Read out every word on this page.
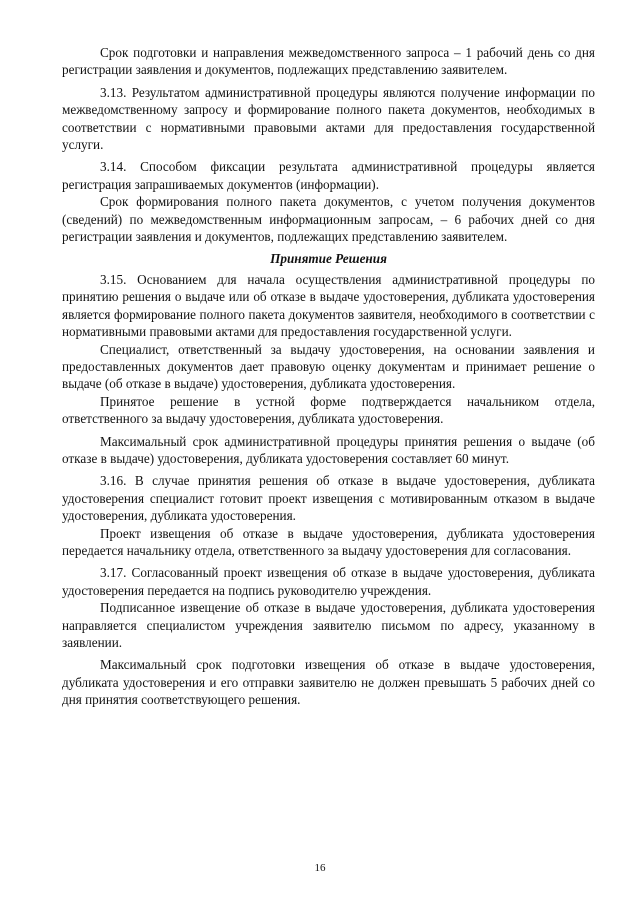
Срок подготовки и направления межведомственного запроса – 1 рабочий день со дня регистрации заявления и документов, подлежащих представлению заявителем.

3.13. Результатом административной процедуры являются получение информации по межведомственному запросу и формирование полного пакета документов, необходимых в соответствии с нормативными правовыми актами для предоставления государственной услуги.

3.14. Способом фиксации результата административной процедуры является регистрация запрашиваемых документов (информации).

Срок формирования полного пакета документов, с учетом получения документов (сведений) по межведомственным информационным запросам, – 6 рабочих дней со дня регистрации заявления и документов, подлежащих представлению заявителем.

Принятие Решения

3.15. Основанием для начала осуществления административной процедуры по принятию решения о выдаче или об отказе в выдаче удостоверения, дубликата удостоверения является формирование полного пакета документов заявителя, необходимого в соответствии с нормативными правовыми актами для предоставления государственной услуги.

Специалист, ответственный за выдачу удостоверения, на основании заявления и предоставленных документов дает правовую оценку документам и принимает решение о выдаче (об отказе в выдаче) удостоверения, дубликата удостоверения.

Принятое решение в устной форме подтверждается начальником отдела, ответственного за выдачу удостоверения, дубликата удостоверения.

Максимальный срок административной процедуры принятия решения о выдаче (об отказе в выдаче) удостоверения, дубликата удостоверения составляет 60 минут.

3.16. В случае принятия решения об отказе в выдаче удостоверения, дубликата удостоверения специалист готовит проект извещения с мотивированным отказом в выдаче удостоверения, дубликата удостоверения.

Проект извещения об отказе в выдаче удостоверения, дубликата удостоверения передается начальнику отдела, ответственного за выдачу удостоверения для согласования.

3.17. Согласованный проект извещения об отказе в выдаче удостоверения, дубликата удостоверения передается на подпись руководителю учреждения.

Подписанное извещение об отказе в выдаче удостоверения, дубликата удостоверения направляется специалистом учреждения заявителю письмом по адресу, указанному в заявлении.

Максимальный срок подготовки извещения об отказе в выдаче удостоверения, дубликата удостоверения и его отправки заявителю не должен превышать 5 рабочих дней со дня принятия соответствующего решения.

16
